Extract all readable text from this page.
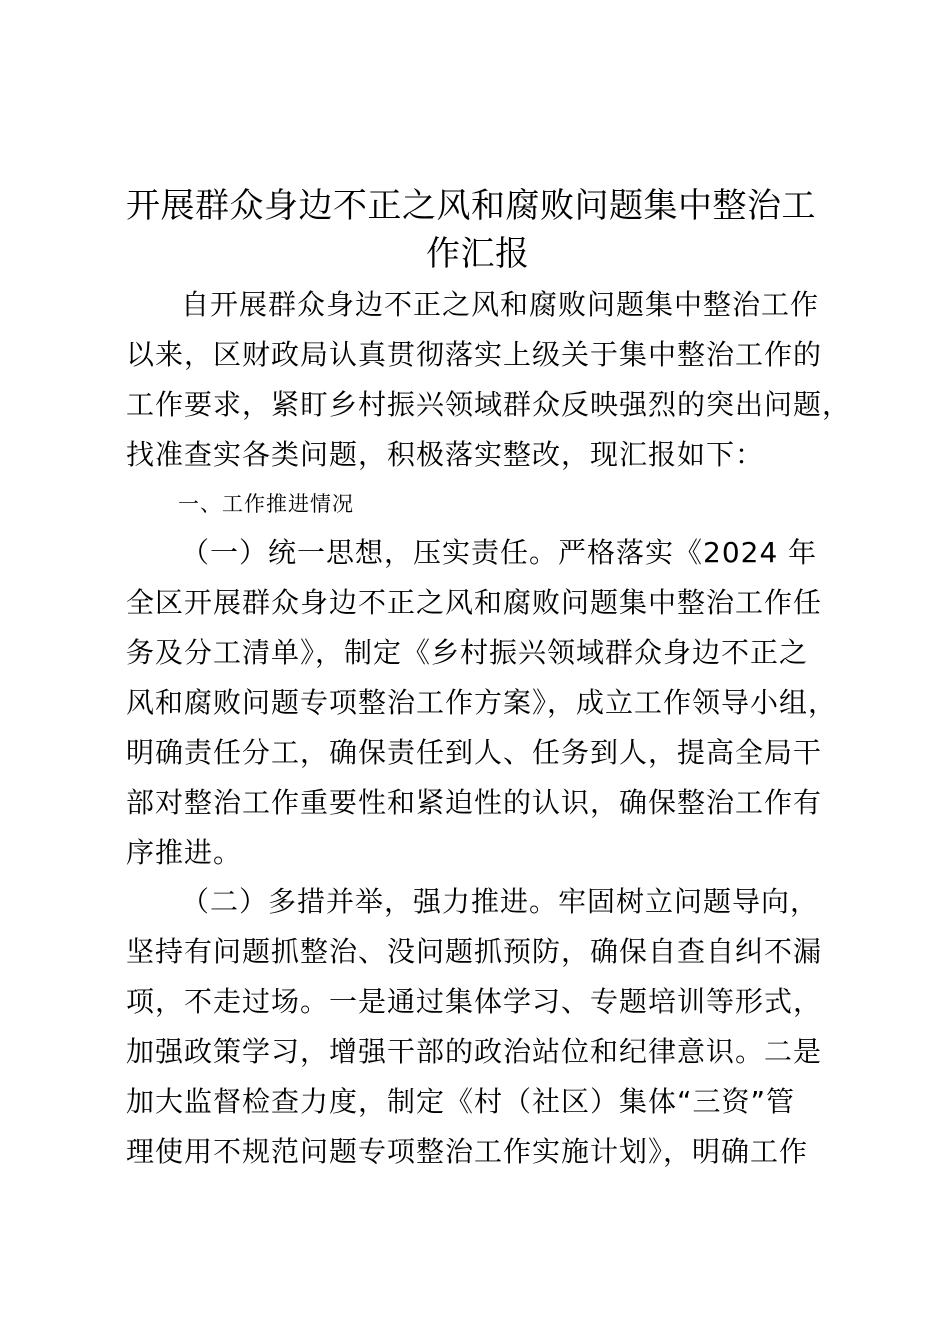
开展群众身边不正之风和腐败问题集中整治工
作汇报
自开展群众身边不正之风和腐败问题集中整治工作
以来，区财政局认真贯彻落实上级关于集中整治工作的
工作要求，紧盯乡村振兴领域群众反映强烈的突出问题，
找准查实各类问题，积极落实整改，现汇报如下：
一、工作推进情况
（一）统一思想，压实责任。严格落实《2024 年
全区开展群众身边不正之风和腐败问题集中整治工作任
务及分工清单》，制定《乡村振兴领域群众身边不正之
风和腐败问题专项整治工作方案》，成立工作领导小组，
明确责任分工，确保责任到人、任务到人，提高全局干
部对整治工作重要性和紧迫性的认识，确保整治工作有
序推进。
（二）多措并举，强力推进。牢固树立问题导向，
坚持有问题抓整治、没问题抓预防，确保自查自纠不漏
项，不走过场。一是通过集体学习、专题培训等形式，
加强政策学习，增强干部的政治站位和纪律意识。二是
加大监督检查力度，制定《村（社区）集体“三资”管
理使用不规范问题专项整治工作实施计划》，明确工作
